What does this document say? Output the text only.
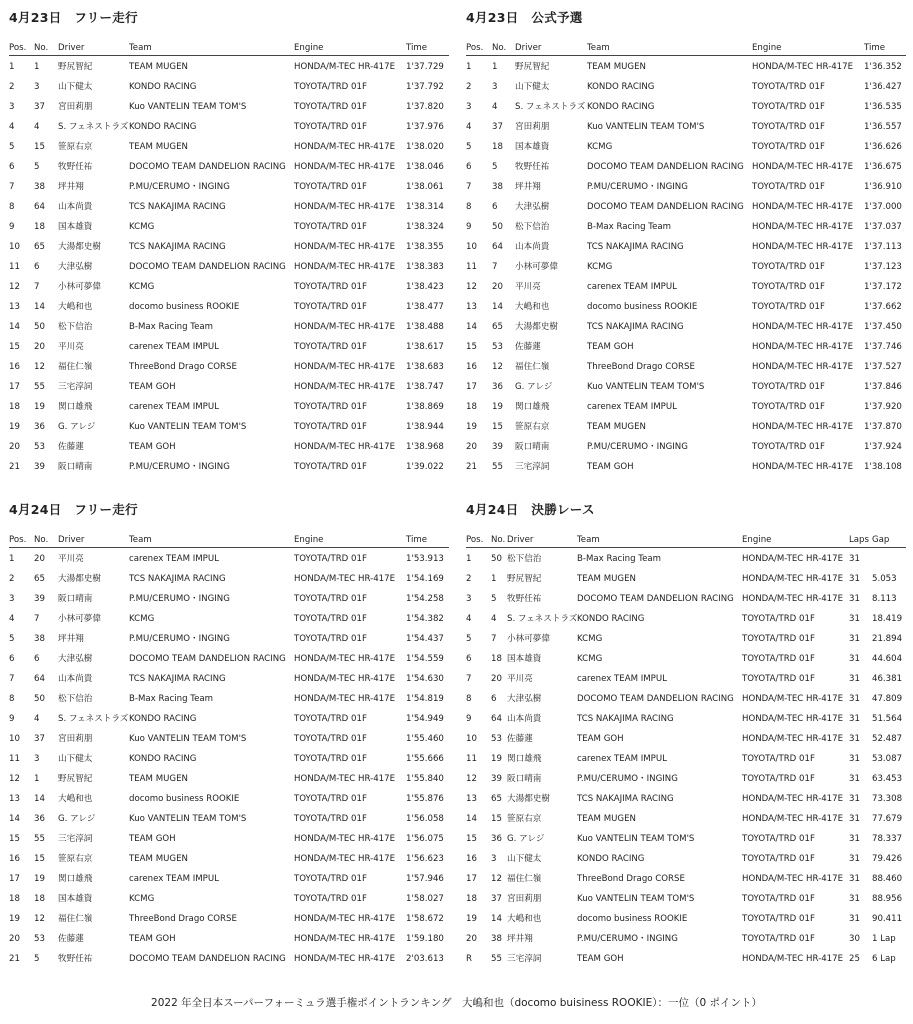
4月23日　フリー走行
Pos. No. Driver	Team	Engine	Time
1 1 野尻智紀	TEAM MUGEN	HONDA/M-TEC HR-417E 1'37.729
2 3 山下健太	KONDO RACING	TOYOTA/TRD 01F	1'37.792
3 37 宮田莉朋	Kuo VANTELIN TEAM TOM'S	TOYOTA/TRD 01F	1'37.820
4 4 S. フェネストラズ KONDO RACING	TOYOTA/TRD 01F	1'37.976
5 15 笹原右京	TEAM MUGEN	HONDA/M-TEC HR-417E 1'38.020
6 5 牧野任祐	DOCOMO TEAM DANDELION RACING HONDA/M-TEC HR-417E 1'38.046
7 38 坪井翔	P.MU/CERUMO・INGING	TOYOTA/TRD 01F	1'38.061
8 64 山本尚貴	TCS NAKAJIMA RACING	HONDA/M-TEC HR-417E 1'38.314
9 18 国本雄資	KCMG	TOYOTA/TRD 01F	1'38.324
10 65 大湯都史樹	TCS NAKAJIMA RACING	HONDA/M-TEC HR-417E 1'38.355
11 6 大津弘樹	DOCOMO TEAM DANDELION RACING HONDA/M-TEC HR-417E 1'38.383
12 7 小林可夢偉	KCMG	TOYOTA/TRD 01F	1'38.423
13 14 大嶋和也	docomo business ROOKIE	TOYOTA/TRD 01F	1'38.477
14 50 松下信治	B-Max Racing Team	HONDA/M-TEC HR-417E 1'38.488
15 20 平川亮	carenex TEAM IMPUL	TOYOTA/TRD 01F	1'38.617
16 12 福住仁嶺	ThreeBond Drago CORSE	HONDA/M-TEC HR-417E 1'38.683
17 55 三宅淳詞	TEAM GOH	HONDA/M-TEC HR-417E 1'38.747
18 19 関口雄飛	carenex TEAM IMPUL	TOYOTA/TRD 01F	1'38.869
19 36 G. アレジ	Kuo VANTELIN TEAM TOM'S	TOYOTA/TRD 01F	1'38.944
20 53 佐藤蓮	TEAM GOH	HONDA/M-TEC HR-417E 1'38.968
21 39 阪口晴南	P.MU/CERUMO・INGING	TOYOTA/TRD 01F	1'39.022
4月23日　公式予選
Pos. No. Driver	Team	Engine	Time
1 1 野尻智紀	TEAM MUGEN	HONDA/M-TEC HR-417E 1'36.352
2 3 山下健太	KONDO RACING	TOYOTA/TRD 01F	1'36.427
3 4 S. フェネストラズ KONDO RACING	TOYOTA/TRD 01F	1'36.535
4 37 宮田莉朋	Kuo VANTELIN TEAM TOM'S	TOYOTA/TRD 01F	1'36.557
5 18 国本雄資	KCMG	TOYOTA/TRD 01F	1'36.626
6 5 牧野任祐	DOCOMO TEAM DANDELION RACING HONDA/M-TEC HR-417E 1'36.675
7 38 坪井翔	P.MU/CERUMO・INGING	TOYOTA/TRD 01F	1'36.910
8 6 大津弘樹	DOCOMO TEAM DANDELION RACING HONDA/M-TEC HR-417E 1'37.000
9 50 松下信治	B-Max Racing Team	HONDA/M-TEC HR-417E 1'37.037
10 64 山本尚貴	TCS NAKAJIMA RACING	HONDA/M-TEC HR-417E 1'37.113
11 7 小林可夢偉	KCMG	TOYOTA/TRD 01F	1'37.123
12 20 平川亮	carenex TEAM IMPUL	TOYOTA/TRD 01F	1'37.172
13 14 大嶋和也	docomo business ROOKIE	TOYOTA/TRD 01F	1'37.662
14 65 大湯都史樹	TCS NAKAJIMA RACING	HONDA/M-TEC HR-417E 1'37.450
15 53 佐藤蓮	TEAM GOH	HONDA/M-TEC HR-417E 1'37.746
16 12 福住仁嶺	ThreeBond Drago CORSE	HONDA/M-TEC HR-417E 1'37.527
17 36 G. アレジ	Kuo VANTELIN TEAM TOM'S	TOYOTA/TRD 01F	1'37.846
18 19 関口雄飛	carenex TEAM IMPUL	TOYOTA/TRD 01F	1'37.920
19 15 笹原右京	TEAM MUGEN	HONDA/M-TEC HR-417E 1'37.870
20 39 阪口晴南	P.MU/CERUMO・INGING	TOYOTA/TRD 01F	1'37.924
21 55 三宅淳詞	TEAM GOH	HONDA/M-TEC HR-417E 1'38.108
4月24日　フリー走行
Pos. No. Driver	Team	Engine	Time
1 20 平川亮	carenex TEAM IMPUL	TOYOTA/TRD 01F	1'53.913
2 65 大湯都史樹	TCS NAKAJIMA RACING	HONDA/M-TEC HR-417E 1'54.169
3 39 阪口晴南	P.MU/CERUMO・INGING	TOYOTA/TRD 01F	1'54.258
4 7 小林可夢偉	KCMG	TOYOTA/TRD 01F	1'54.382
5 38 坪井翔	P.MU/CERUMO・INGING	TOYOTA/TRD 01F	1'54.437
6 6 大津弘樹	DOCOMO TEAM DANDELION RACING HONDA/M-TEC HR-417E 1'54.559
7 64 山本尚貴	TCS NAKAJIMA RACING	HONDA/M-TEC HR-417E 1'54.630
8 50 松下信治	B-Max Racing Team	HONDA/M-TEC HR-417E 1'54.819
9 4 S. フェネストラズ KONDO RACING	TOYOTA/TRD 01F	1'54.949
10 37 宮田莉朋	Kuo VANTELIN TEAM TOM'S	TOYOTA/TRD 01F	1'55.460
11 3 山下健太	KONDO RACING	TOYOTA/TRD 01F	1'55.666
12 1 野尻智紀	TEAM MUGEN	HONDA/M-TEC HR-417E 1'55.840
13 14 大嶋和也	docomo business ROOKIE	TOYOTA/TRD 01F	1'55.876
14 36 G. アレジ	Kuo VANTELIN TEAM TOM'S	TOYOTA/TRD 01F	1'56.058
15 55 三宅淳詞	TEAM GOH	HONDA/M-TEC HR-417E 1'56.075
16 15 笹原右京	TEAM MUGEN	HONDA/M-TEC HR-417E 1'56.623
17 19 関口雄飛	carenex TEAM IMPUL	TOYOTA/TRD 01F	1'57.946
18 18 国本雄資	KCMG	TOYOTA/TRD 01F	1'58.027
19 12 福住仁嶺	ThreeBond Drago CORSE	HONDA/M-TEC HR-417E 1'58.672
20 53 佐藤蓮	TEAM GOH	HONDA/M-TEC HR-417E 1'59.180
21 5 牧野任祐	DOCOMO TEAM DANDELION RACING HONDA/M-TEC HR-417E 2'03.613
4月24日　決勝レース
Pos. No. Driver	Team	Engine	Laps Gap
1 50 松下信治	B-Max Racing Team	HONDA/M-TEC HR-417E 31
2 1 野尻智紀	TEAM MUGEN	HONDA/M-TEC HR-417E 31 5.053
3 5 牧野任祐	DOCOMO TEAM DANDELION RACING HONDA/M-TEC HR-417E 31 8.113
4 4 S. フェネストラズ KONDO RACING	TOYOTA/TRD 01F	31 18.419
5 7 小林可夢偉	KCMG	TOYOTA/TRD 01F	31 21.894
6 18 国本雄資	KCMG	TOYOTA/TRD 01F	31 44.604
7 20 平川亮	carenex TEAM IMPUL	TOYOTA/TRD 01F	31 46.381
8 6 大津弘樹	DOCOMO TEAM DANDELION RACING HONDA/M-TEC HR-417E 31 47.809
9 64 山本尚貴	TCS NAKAJIMA RACING	HONDA/M-TEC HR-417E 31 51.564
10 53 佐藤蓮	TEAM GOH	HONDA/M-TEC HR-417E 31 52.487
11 19 関口雄飛	carenex TEAM IMPUL	TOYOTA/TRD 01F	31 53.087
12 39 阪口晴南	P.MU/CERUMO・INGING	TOYOTA/TRD 01F	31 63.453
13 65 大湯都史樹	TCS NAKAJIMA RACING	HONDA/M-TEC HR-417E 31 73.308
14 15 笹原右京	TEAM MUGEN	HONDA/M-TEC HR-417E 31 77.679
15 36 G. アレジ	Kuo VANTELIN TEAM TOM'S	TOYOTA/TRD 01F	31 78.337
16 3 山下健太	KONDO RACING	TOYOTA/TRD 01F	31 79.426
17 12 福住仁嶺	ThreeBond Drago CORSE	HONDA/M-TEC HR-417E 31 88.460
18 37 宮田莉朋	Kuo VANTELIN TEAM TOM'S	TOYOTA/TRD 01F	31 88.956
19 14 大嶋和也	docomo business ROOKIE	TOYOTA/TRD 01F	31 90.411
20 38 坪井翔	P.MU/CERUMO・INGING	TOYOTA/TRD 01F	30 1 Lap
R 55 三宅淳詞	TEAM GOH	HONDA/M-TEC HR-417E 25 6 Lap
2022 年全日本スーパーフォーミュラ選手権ポイントランキング　大嶋和也（docomo buisiness ROOKIE）：一位（0 ポイント）
